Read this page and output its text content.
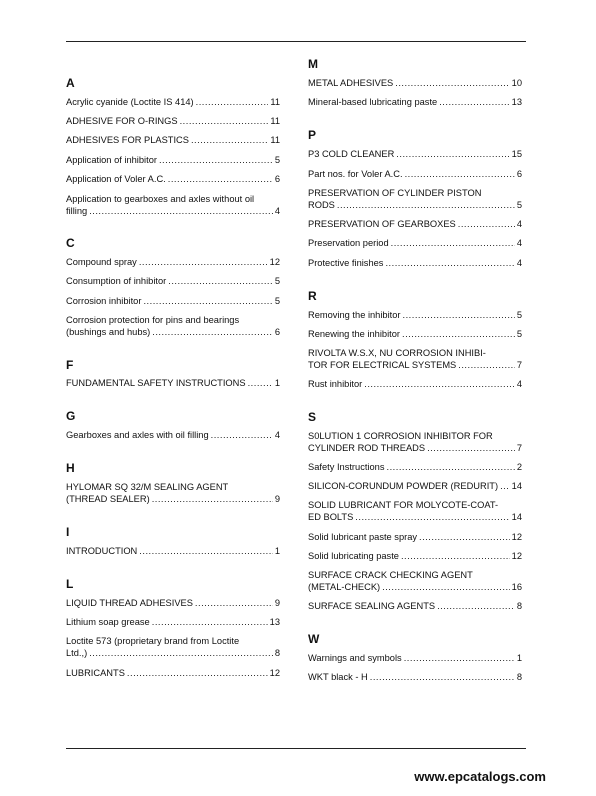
A
Acrylic cyanide (Loctite IS 414) .....	11
ADHESIVE FOR O-RINGS .....	11
ADHESIVES FOR PLASTICS .....	11
Application of inhibitor .....	5
Application of Voler A.C. .....	6
Application to gearboxes and axles without oil
filling .....	4
C
Compound spray .....	12
Consumption of inhibitor .....	5
Corrosion inhibitor .....	5
Corrosion protection for pins and bearings
(bushings and hubs) .....	6
F
FUNDAMENTAL SAFETY INSTRUCTIONS .....	1
G
Gearboxes and axles with oil filling .....	4
H
HYLOMAR SQ 32/M SEALING AGENT
(THREAD SEALER) .....	9
I
INTRODUCTION .....	1
L
LIQUID THREAD ADHESIVES .....	9
Lithium soap grease .....	13
Loctite 573 (proprietary brand from Loctite
Ltd.,) .....	8
LUBRICANTS .....	12
M
METAL ADHESIVES .....	10
Mineral-based lubricating paste .....	13
P
P3 COLD CLEANER .....	15
Part nos. for Voler A.C. .....	6
PRESERVATION OF CYLINDER PISTON
RODS .....	5
PRESERVATION OF GEARBOXES .....	4
Preservation period .....	4
Protective finishes .....	4
R
Removing the inhibitor .....	5
Renewing the inhibitor .....	5
RIVOLTA W.S.X, NU CORROSION INHIBI-
TOR FOR ELECTRICAL SYSTEMS .....	7
Rust inhibitor .....	4
S
S0LUTION 1 CORROSION INHIBITOR FOR
CYLINDER ROD THREADS .....	7
Safety Instructions .....	2
SILICON-CORUNDUM POWDER (REDURIT) ..... 14
SOLID LUBRICANT FOR MOLYCOTE-COAT-
ED BOLTS .....	14
Solid lubricant paste spray .....	12
Solid lubricating paste .....	12
SURFACE CRACK CHECKING AGENT
(METAL-CHECK) .....	16
SURFACE SEALING AGENTS .....	8
W
Warnings and symbols .....	1
WKT black - H .....	8
www.epcatalogs.com
